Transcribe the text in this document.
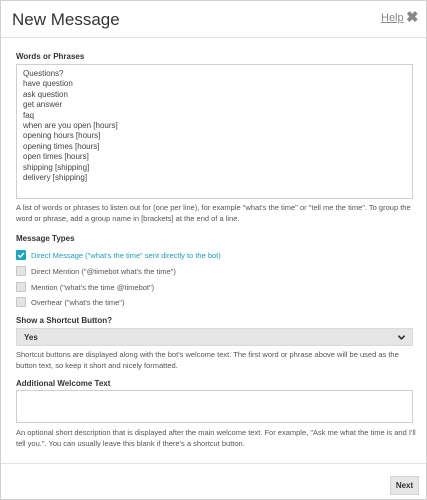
New Message	Help ✖
Words or Phrases
Questions?
have question
ask question
get answer
faq
when are you open [hours]
opening hours [hours]
opening times [hours]
open times [hours]
shipping [shipping]
delivery [shipping]
A list of words or phrases to listen out for (one per line), for example "what's the time" or "tell me the time". To group the word or phrase, add a group name in [brackets] at the end of a line.
Message Types
Direct Message ("what's the time" sent directly to the bot)
Direct Mention ("@timebot what's the time")
Mention ("what's the time @timebot")
Overhear ("what's the time")
Show a Shortcut Button?
Yes
Shortcut buttons are displayed along with the bot's welcome text. The first word or phrase above will be used as the button text, so keep it short and nicely formatted.
Additional Welcome Text
An optional short description that is displayed after the main welcome text. For example, "Ask me what the time is and I'll tell you.". You can usually leave this blank if there's a shortcut button.
Next
